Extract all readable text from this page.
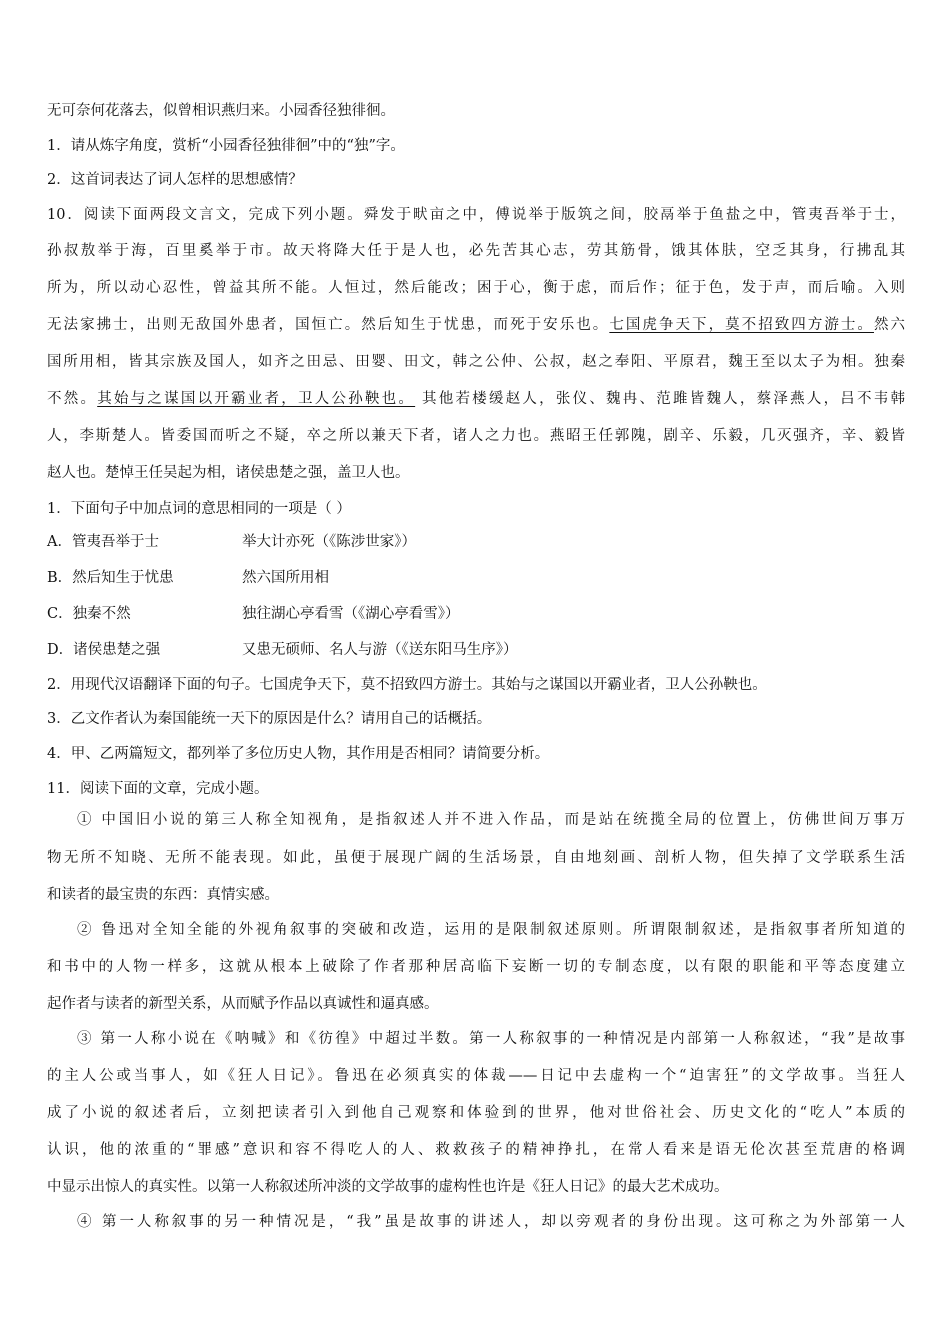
无可奈何花落去，似曾相识燕归来。小园香径独徘徊。
1．请从炼字角度，赏析“小园香径独徘徊”中的“独”字。
2．这首词表达了词人怎样的思想感情？
10．阅读下面两段文言文，完成下列小题。舜发于畎亩之中，傅说举于版筑之间，胶鬲举于鱼盐之中，管夷吾举于士，
孙叔敖举于海，百里奚举于市。故天将降大任于是人也，必先苦其心志，劳其筋骨，饿其体肤，空乏其身，行拂乱其
所为，所以动心忍性，曾益其所不能。人恒过，然后能改；困于心，衡于虑，而后作；征于色，发于声，而后喻。入则
无法家拂士，出则无敌国外患者，国恒亡。然后知生于忧患，而死于安乐也。七国虎争天下，莫不招致四方游士。然六
国所用相，皆其宗族及国人，如齐之田忌、田婴、田文，韩之公仲、公叔，赵之奉阳、平原君，魏王至以太子为相。独秦
不然。其始与之谋国以开霸业者，卫人公孙鞅也。 其他若楼缓赵人，张仪、魏冉、范雎皆魏人，蔡泽燕人，吕不韦韩
人，李斯楚人。皆委国而听之不疑，卒之所以兼天下者，诸人之力也。燕昭王任郭隗，剧辛、乐毅，几灭强齐，辛、毅皆
赵人也。楚悼王任吴起为相，诸侯患楚之强，盖卫人也。
1．下面句子中加点词的意思相同的一项是（ ）
A．管夷吾举于士	举大计亦死（《陈涉世家》）
B．然后知生于忧患	然六国所用相
C．独秦不然	独往湖心亭看雪（《湖心亭看雪》）
D．诸侯患楚之强	又患无硕师、名人与游（《送东阳马生序》）
2．用现代汉语翻译下面的句子。七国虎争天下，莫不招致四方游士。其始与之谋国以开霸业者，卫人公孙鞅也。
3．乙文作者认为秦国能统一天下的原因是什么？请用自己的话概括。
4．甲、乙两篇短文，都列举了多位历史人物，其作用是否相同？请简要分析。
11．阅读下面的文章，完成小题。
① 中国旧小说的第三人称全知视角，是指叙述人并不进入作品，而是站在统揽全局的位置上，仿佛世间万事万
物无所不知晓、无所不能表现。如此，虽便于展现广阔的生活场景，自由地刻画、剖析人物，但失掉了文学联系生活
和读者的最宝贵的东西：真情实感。
② 鲁迅对全知全能的外视角叙事的突破和改造，运用的是限制叙述原则。所谓限制叙述，是指叙事者所知道的
和书中的人物一样多，这就从根本上破除了作者那种居高临下妄断一切的专制态度，以有限的职能和平等态度建立
起作者与读者的新型关系，从而赋予作品以真诚性和逼真感。
③ 第一人称小说在《呐喊》和《彷徨》中超过半数。第一人称叙事的一种情况是内部第一人称叙述，“我”是故事
的主人公或当事人，如《狂人日记》。鲁迅在必须真实的体裁——日记中去虚构一个“迫害狂”的文学故事。当狂人
成了小说的叙述者后，立刻把读者引入到他自己观察和体验到的世界，他对世俗社会、历史文化的“吃人”本质的
认识，他的浓重的“罪感”意识和容不得吃人的人、救救孩子的精神挣扎，在常人看来是语无伦次甚至荒唐的格调
中显示出惊人的真实性。以第一人称叙述所冲淡的文学故事的虚构性也许是《狂人日记》的最大艺术成功。
④ 第一人称叙事的另一种情况是，“我”虽是故事的讲述人，却以旁观者的身份出现。这可称之为外部第一人
